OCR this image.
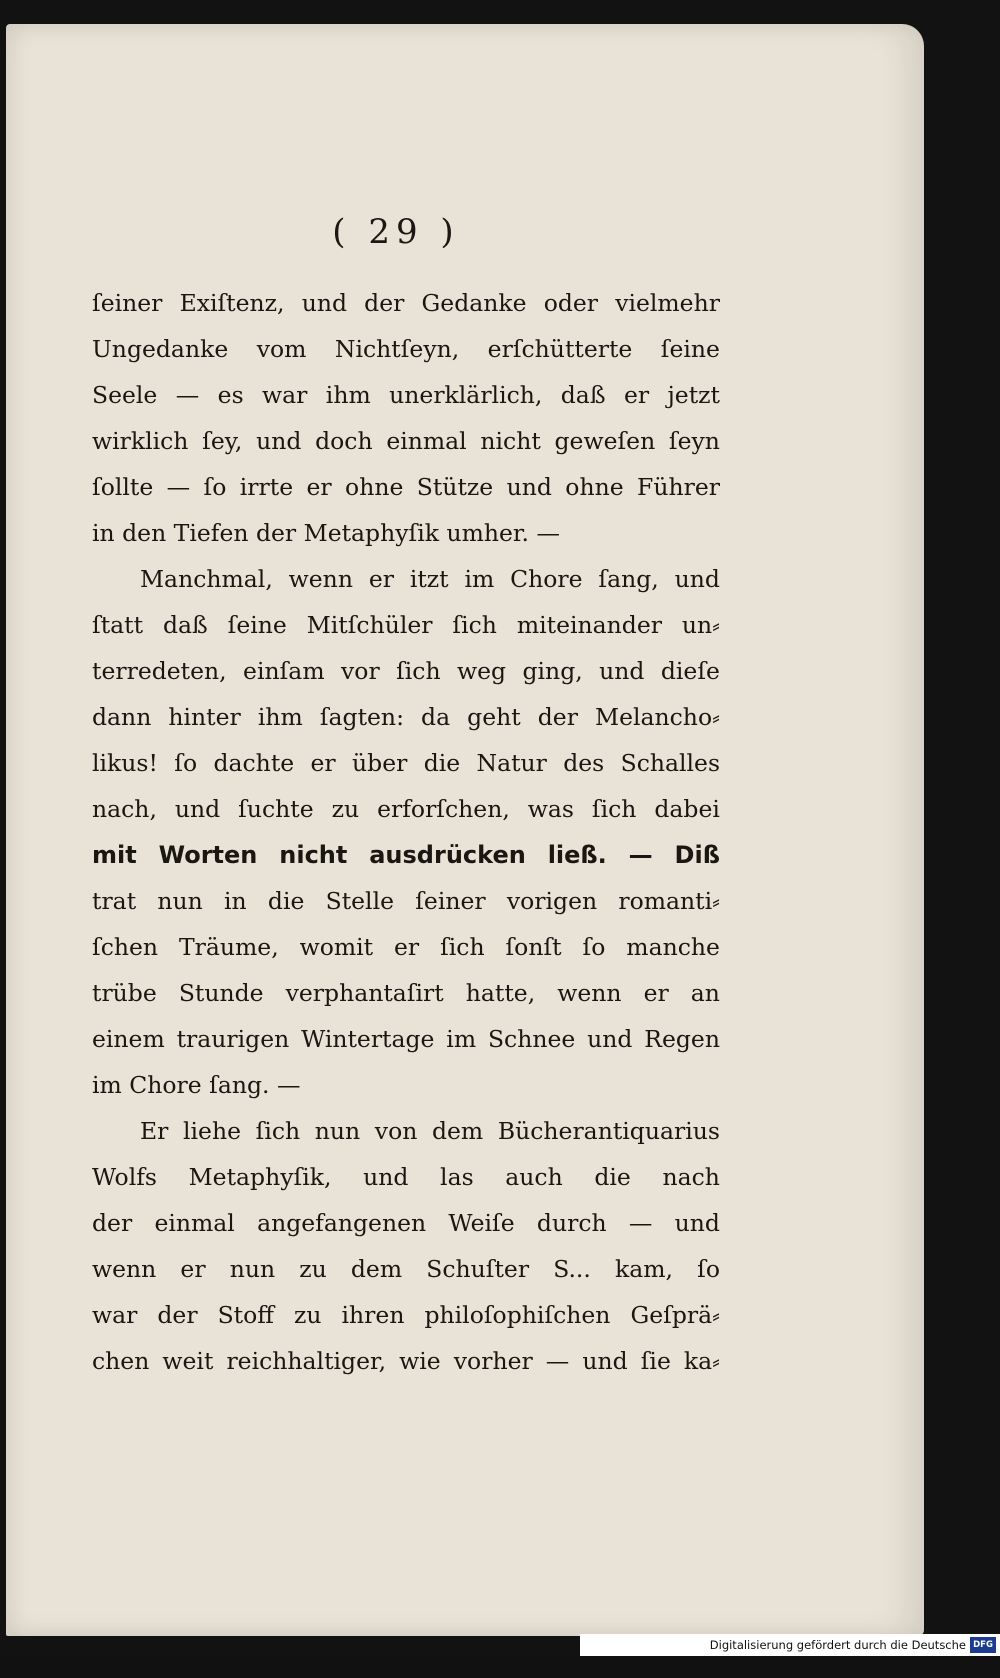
( 29 )
ſeiner Exiſtenz, und der Gedanke oder vielmehr
Ungedanke vom Nichtſeyn, erſchütterte ſeine
Seele — es war ihm unerklärlich, daß er jetzt
wirklich ſey, und doch einmal nicht geweſen ſeyn
ſollte — ſo irrte er ohne Stütze und ohne Führer
in den Tiefen der Metaphyſik umher. —
Manchmal, wenn er itzt im Chore ſang, und
ſtatt daß ſeine Mitſchüler ſich miteinander un⸗
terredeten, einſam vor ſich weg ging, und dieſe
dann hinter ihm ſagten: da geht der Melancho⸗
likus! ſo dachte er über die Natur des Schalles
nach, und ſuchte zu erforſchen, was ſich dabei
mit Worten nicht ausdrücken ließ. — Diß
trat nun in die Stelle ſeiner vorigen romanti⸗
ſchen Träume, womit er ſich ſonſt ſo manche
trübe Stunde verphantaſirt hatte, wenn er an
einem traurigen Wintertage im Schnee und Regen
im Chore ſang. —
Er liehe ſich nun von dem Bücherantiquarius
Wolfs Metaphyſik, und las auch die nach
der einmal angefangenen Weiſe durch — und
wenn er nun zu dem Schuſter S... kam, ſo
war der Stoff zu ihren philoſophiſchen Geſprä⸗
chen weit reichhaltiger, wie vorher — und ſie ka⸗
Digitalisierung gefördert durch die Deutsche Forschungsgemeinschaft -
DFG
